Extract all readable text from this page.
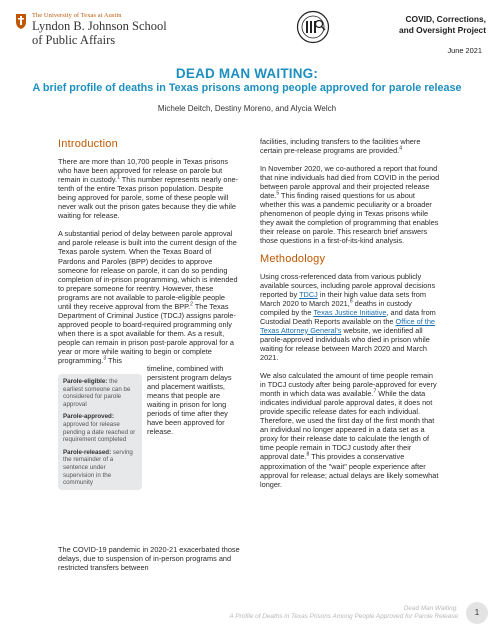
The University of Texas at Austin
Lyndon B. Johnson School
of Public Affairs
COVID, Corrections,
and Oversight Project
June 2021
DEAD MAN WAITING:
A brief profile of deaths in Texas prisons among people approved for parole release
Michele Deitch, Destiny Moreno, and Alycia Welch
Introduction

There are more than 10,700 people in Texas prisons who have been approved for release on parole but remain in custody.$^1$ This number represents nearly one-tenth of the entire Texas prison population. Despite being approved for parole, some of these people will never walk out the prison gates because they die while waiting for release.

A substantial period of delay between parole approval and parole release is built into the current design of the Texas parole system. When the Texas Board of Pardons and Paroles (BPP) decides to approve someone for release on parole, it can do so pending completion of in-prison programming, which is intended to prepare someone for reentry. However, these programs are not available to parole-eligible people until they receive approval from the BPP.$^2$ The Texas Department of Criminal Justice (TDCJ) assigns parole-approved people to board-required programming only when there is a spot available for them. As a result, people can remain in prison post-parole approval for a year or more while waiting to begin or complete programming.$^3$ This

Parole-eligible: the earliest someone can be considered for parole approval
Parole-approved: approved for release pending a date reached or requirement completed
Parole-released: serving the remainder of a sentence under supervision in the community
timeline, combined with persistent program delays and placement waitlists, means that people are waiting in prison for long periods of time after they have been approved for release.

The COVID-19 pandemic in 2020-21 exacerbated those delays, due to suspension of in-person programs and restricted transfers between

facilities, including transfers to the facilities where certain pre-release programs are provided.$^4$

In November 2020, we co-authored a report that found that nine individuals had died from COVID in the period between parole approval and their projected release date.$^5$ This finding raised questions for us about whether this was a pandemic peculiarity or a broader phenomenon of people dying in Texas prisons while they await the completion of programming that enables their release on parole. This research brief answers those questions in a first-of-its-kind analysis.

Methodology

Using cross-referenced data from various publicly available sources, including parole approval decisions reported by TDCJ in their high value data sets from March 2020 to March 2021,$^6$ deaths in custody compiled by the Texas Justice Initiative, and data from Custodial Death Reports available on the Office of the Texas Attorney General's website, we identified all parole-approved individuals who died in prison while waiting for release between March 2020 and March 2021.

We also calculated the amount of time people remain in TDCJ custody after being parole-approved for every month in which data was available.$^7$ While the data indicates individual parole approval dates, it does not provide specific release dates for each individual. Therefore, we used the first day of the first month that an individual no longer appeared in a data set as a proxy for their release date to calculate the length of time people remain in TDCJ custody after their approval date.$^8$ This provides a conservative approximation of the "wait" people experience after approval for release; actual delays are likely somewhat longer.

Dead Man Waiting:
A Profile of Deaths in Texas Prisons Among People Approved for Parole Release	1
